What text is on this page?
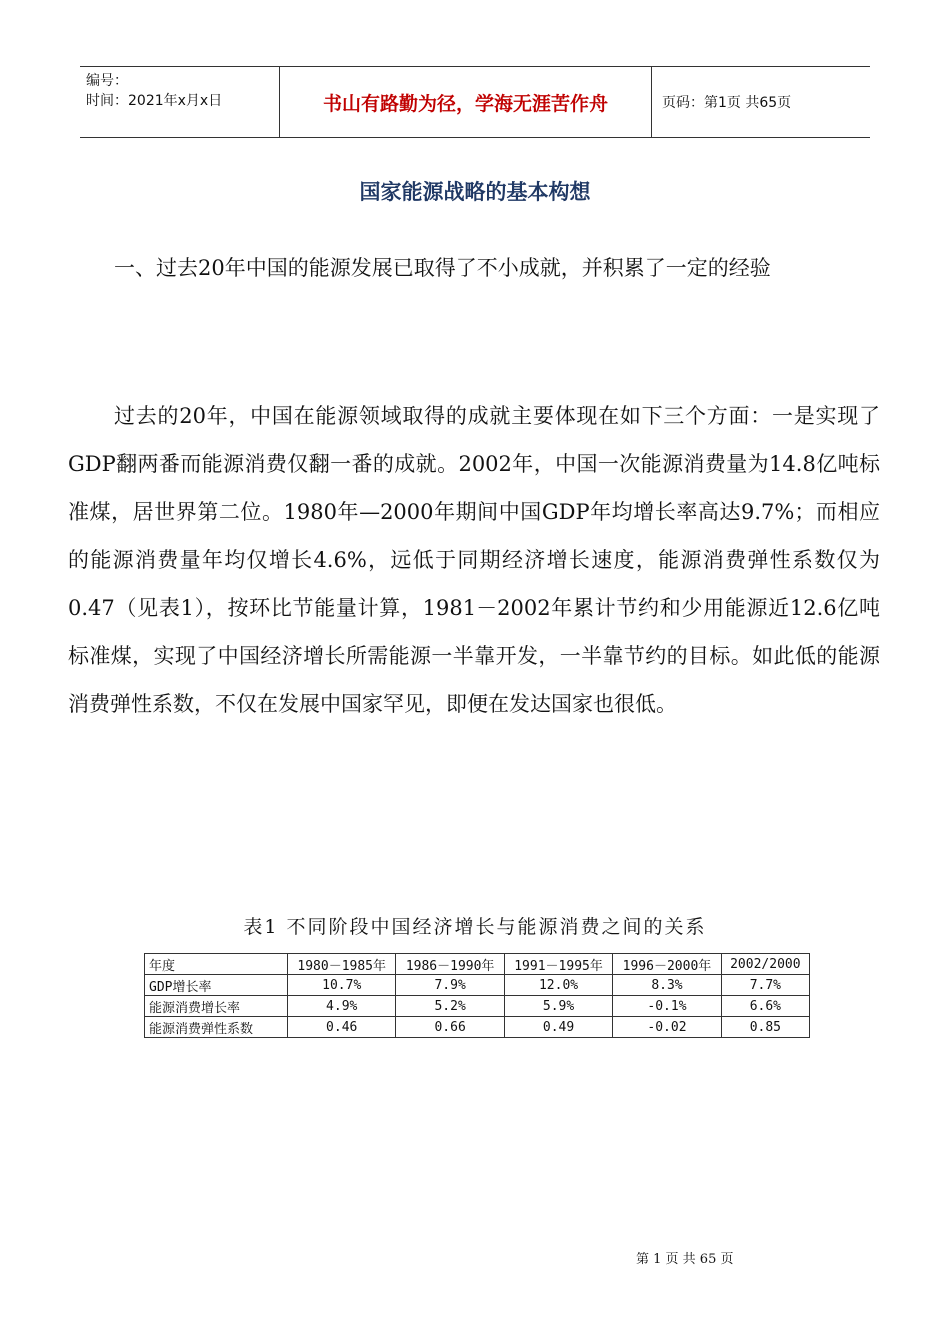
编号：
时间：2021年x月x日	书山有路勤为径，学海无涯苦作舟	页码：第1页 共65页
国家能源战略的基本构想
一、过去20年中国的能源发展已取得了不小成就，并积累了一定的经验
过去的20年，中国在能源领域取得的成就主要体现在如下三个方面：一是实现了GDP翻两番而能源消费仅翻一番的成就。2002年，中国一次能源消费量为14.8亿吨标准煤，居世界第二位。1980年—2000年期间中国GDP年均增长率高达9.7%；而相应的能源消费量年均仅增长4.6%，远低于同期经济增长速度，能源消费弹性系数仅为0.47（见表1），按环比节能量计算，1981－2002年累计节约和少用能源近12.6亿吨标准煤，实现了中国经济增长所需能源一半靠开发，一半靠节约的目标。如此低的能源消费弹性系数，不仅在发展中国家罕见，即便在发达国家也很低。
表1 不同阶段中国经济增长与能源消费之间的关系
年度	1980－1985年	1986－1990年	1991－1995年	1996－2000年	2002/2000
GDP增长率	10.7%	7.9%	12.0%	8.3%	7.7%
能源消费增长率	4.9%	5.2%	5.9%	-0.1%	6.6%
能源消费弹性系数	0.46	0.66	0.49	-0.02	0.85
第 1 页 共 65 页
